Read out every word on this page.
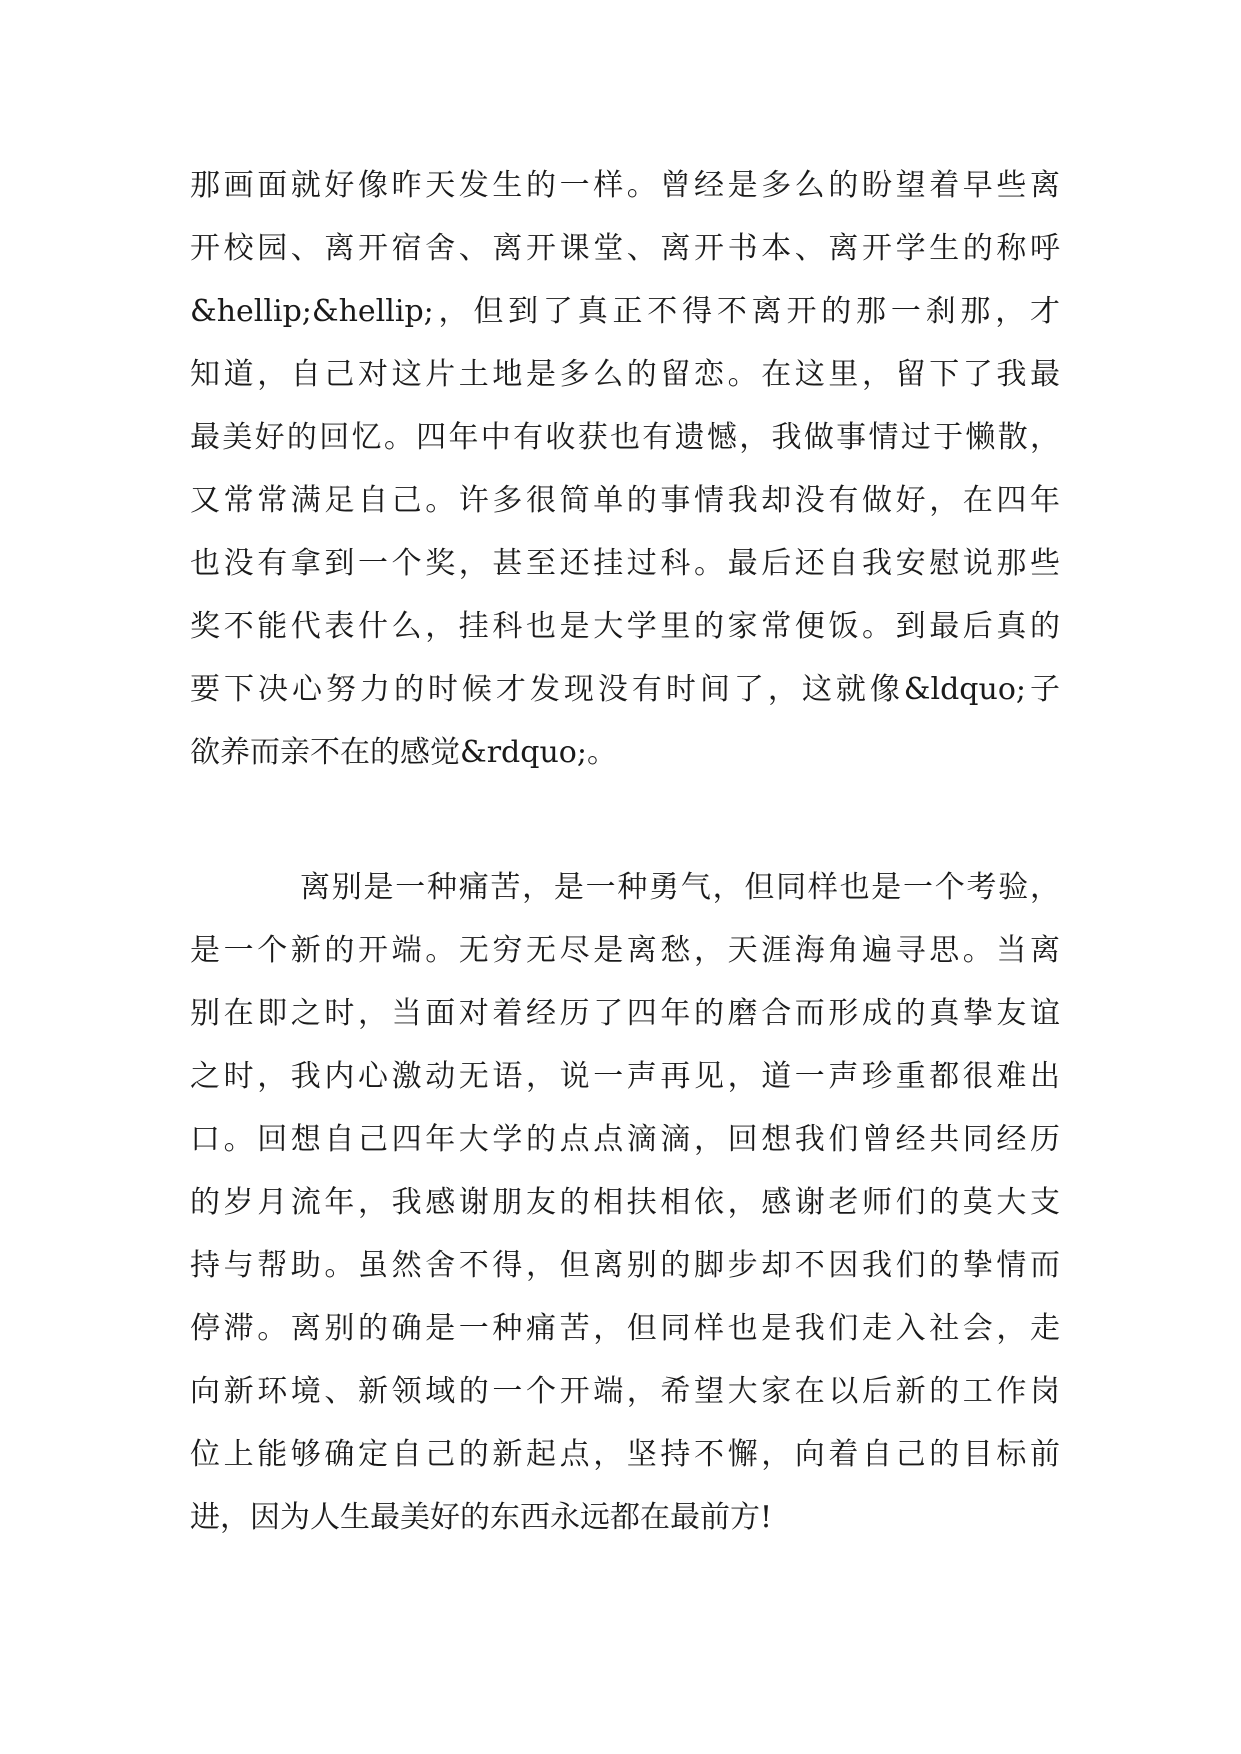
那画面就好像昨天发生的一样。曾经是多么的盼望着早些离
开校园、离开宿舍、离开课堂、离开书本、离开学生的称呼
&hellip;&hellip;，但到了真正不得不离开的那一刹那，才
知道，自己对这片土地是多么的留恋。在这里，留下了我最
最美好的回忆。四年中有收获也有遗憾，我做事情过于懒散，
又常常满足自己。许多很简单的事情我却没有做好，在四年
也没有拿到一个奖，甚至还挂过科。最后还自我安慰说那些
奖不能代表什么，挂科也是大学里的家常便饭。到最后真的
要下决心努力的时候才发现没有时间了，这就像&ldquo;子
欲养而亲不在的感觉&rdquo;。
离别是一种痛苦，是一种勇气，但同样也是一个考验，
是一个新的开端。无穷无尽是离愁，天涯海角遍寻思。当离
别在即之时，当面对着经历了四年的磨合而形成的真挚友谊
之时，我内心激动无语，说一声再见，道一声珍重都很难出
口。回想自己四年大学的点点滴滴，回想我们曾经共同经历
的岁月流年，我感谢朋友的相扶相依，感谢老师们的莫大支
持与帮助。虽然舍不得，但离别的脚步却不因我们的挚情而
停滞。离别的确是一种痛苦，但同样也是我们走入社会，走
向新环境、新领域的一个开端，希望大家在以后新的工作岗
位上能够确定自己的新起点，坚持不懈，向着自己的目标前
进，因为人生最美好的东西永远都在最前方!
